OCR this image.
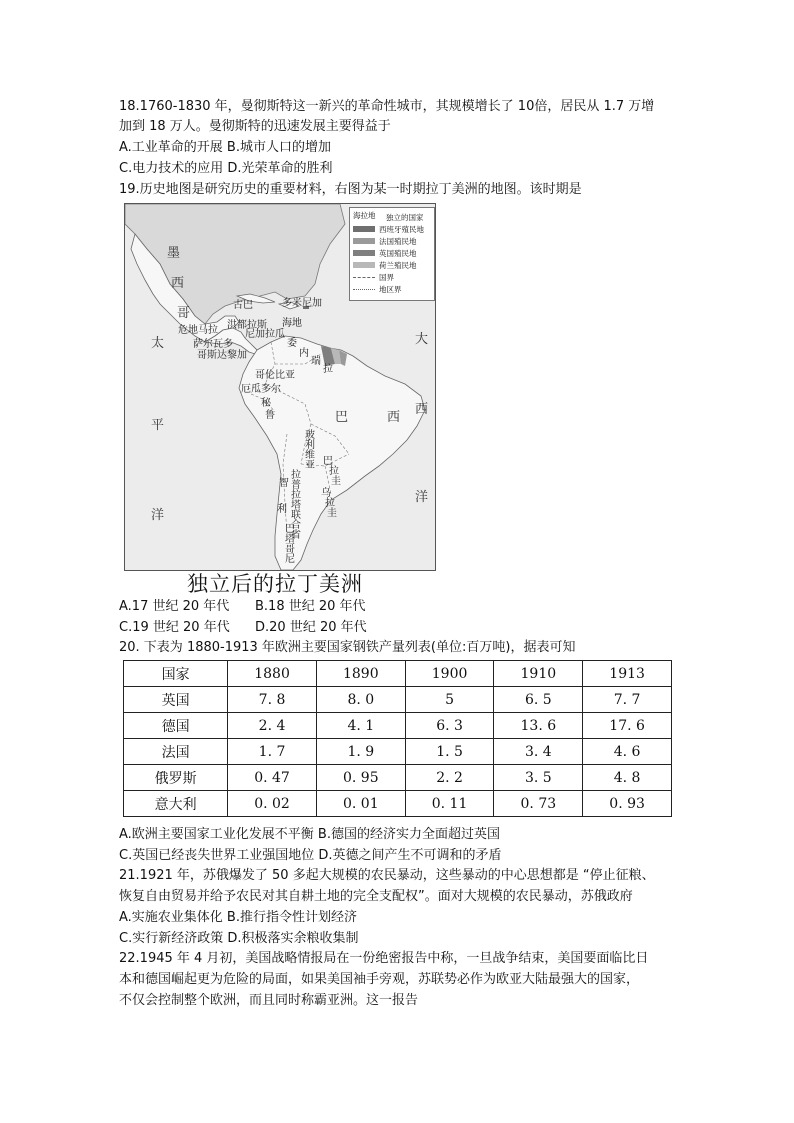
18.1760-1830 年，曼彻斯特这一新兴的革命性城市，其规模增长了 10倍，居民从 1.7 万增
加到 18 万人。曼彻斯特的迅速发展主要得益于
A.工业革命的开展 B.城市人口的增加
C.电力技术的应用 D.光荣革命的胜利
19.历史地图是研究历史的重要材料，右图为某一时期拉丁美洲的地图。该时期是
海拉地 独立的国家
西班牙殖民地
法国殖民地
英国殖民地
荷兰殖民地
国界
地区界
墨
西
哥
古巴	多米尼加
海地
危地马拉 洪都拉斯
萨尔瓦多
尼加拉瓜
哥斯达黎加
委
内
瑞
拉
哥伦比亚
厄瓜多尔
秘
鲁	巴	西
玻
利
维
亚 巴
拉
圭
乌
拉
圭
拉
普
拉
塔
联
合
省
智
利
巴
塔
哥
尼
太
平
洋
大
西
洋
独立后的拉丁美洲
A.17 世纪 20 年代 B.18 世纪 20 年代
C.19 世纪 20 年代 D.20 世纪 20 年代
20. 下表为 1880-1913 年欧洲主要国家钢铁产量列表(单位:百万吨)，据表可知
国家	1880	1890	1900	1910	1913
英国	7. 8	8. 0	5	6. 5	7. 7
德国	2. 4	4. 1	6. 3	13. 6	17. 6
法国	1. 7	1. 9	1. 5	3. 4	4. 6
俄罗斯	0. 47	0. 95	2. 2	3. 5	4. 8
意大利	0. 02	0. 01	0. 11	0. 73	0. 93
A.欧洲主要国家工业化发展不平衡 B.德国的经济实力全面超过英国
C.英国已经丧失世界工业强国地位 D.英德之间产生不可调和的矛盾
21.1921 年，苏俄爆发了 50 多起大规模的农民暴动，这些暴动的中心思想都是 “停止征粮、
恢复自由贸易并给予农民对其自耕土地的完全支配权”。面对大规模的农民暴动，苏俄政府
A.实施农业集体化 B.推行指令性计划经济
C.实行新经济政策 D.积极落实余粮收集制
22.1945 年 4 月初，美国战略情报局在一份绝密报告中称，一旦战争结束，美国要面临比日
本和德国崛起更为危险的局面，如果美国袖手旁观，苏联势必作为欧亚大陆最强大的国家，
不仅会控制整个欧洲，而且同时称霸亚洲。这一报告
